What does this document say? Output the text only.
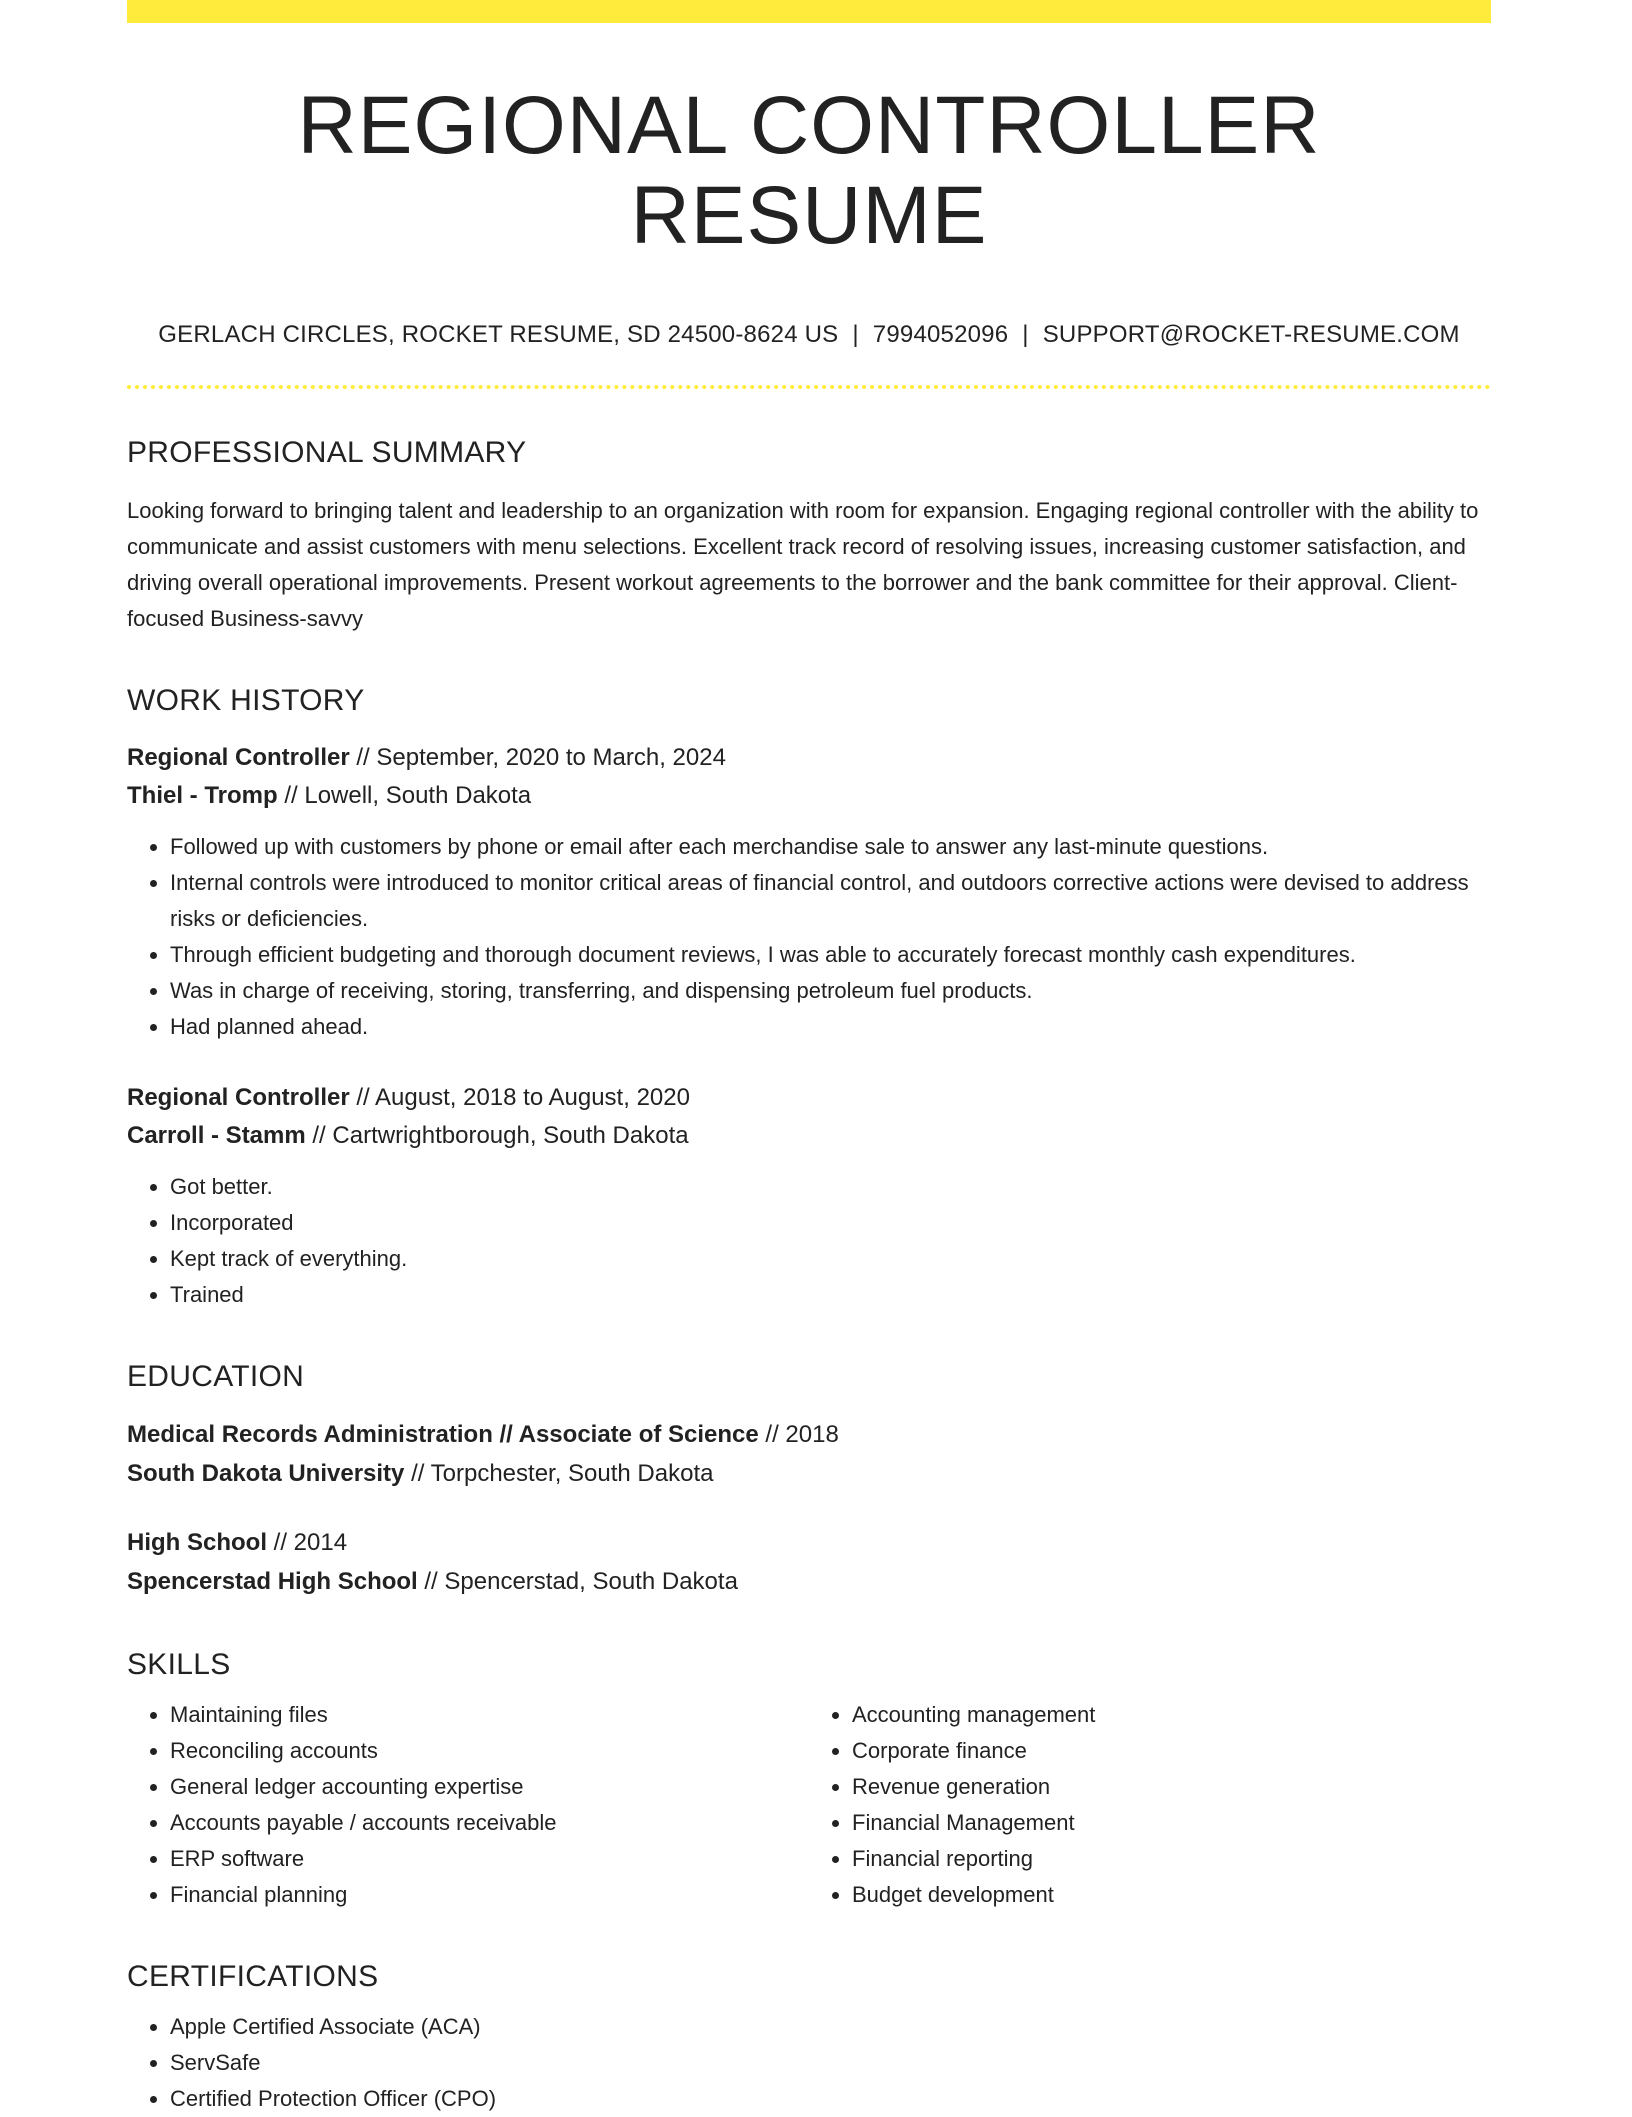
REGIONAL CONTROLLER RESUME
GERLACH CIRCLES, ROCKET RESUME, SD 24500-8624 US | 7994052096 | SUPPORT@ROCKET-RESUME.COM
PROFESSIONAL SUMMARY
Looking forward to bringing talent and leadership to an organization with room for expansion. Engaging regional controller with the ability to communicate and assist customers with menu selections. Excellent track record of resolving issues, increasing customer satisfaction, and driving overall operational improvements. Present workout agreements to the borrower and the bank committee for their approval. Client-focused Business-savvy
WORK HISTORY
Regional Controller // September, 2020 to March, 2024
Thiel - Tromp // Lowell, South Dakota
• Followed up with customers by phone or email after each merchandise sale to answer any last-minute questions.
• Internal controls were introduced to monitor critical areas of financial control, and outdoors corrective actions were devised to address risks or deficiencies.
• Through efficient budgeting and thorough document reviews, I was able to accurately forecast monthly cash expenditures.
• Was in charge of receiving, storing, transferring, and dispensing petroleum fuel products.
• Had planned ahead.
Regional Controller // August, 2018 to August, 2020
Carroll - Stamm // Cartwrightborough, South Dakota
• Got better.
• Incorporated
• Kept track of everything.
• Trained
EDUCATION
Medical Records Administration // Associate of Science // 2018
South Dakota University // Torpchester, South Dakota
High School // 2014
Spencerstad High School // Spencerstad, South Dakota
SKILLS
• Maintaining files
• Reconciling accounts
• General ledger accounting expertise
• Accounts payable / accounts receivable
• ERP software
• Financial planning
• Accounting management
• Corporate finance
• Revenue generation
• Financial Management
• Financial reporting
• Budget development
CERTIFICATIONS
• Apple Certified Associate (ACA)
• ServSafe
• Certified Protection Officer (CPO)
